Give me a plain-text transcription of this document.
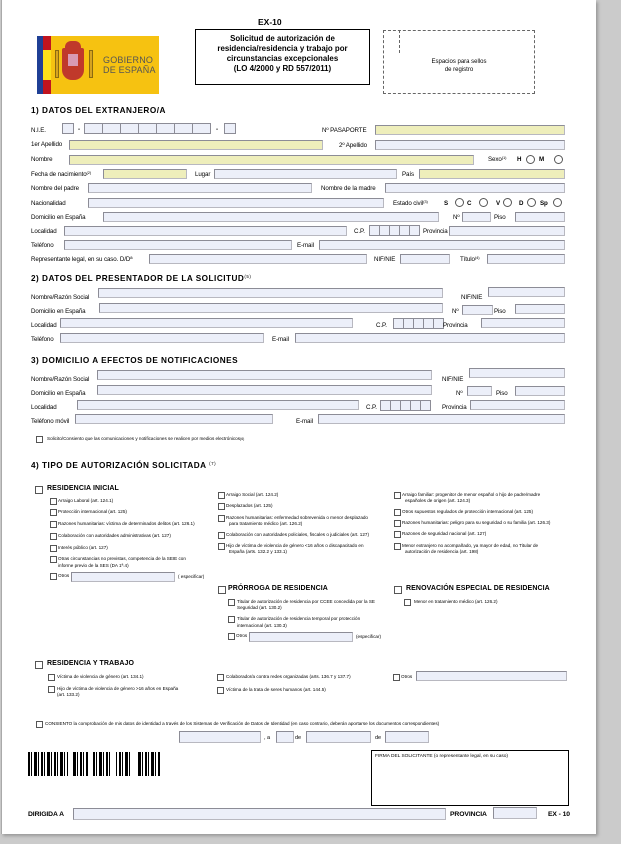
GOBIERNO
DE ESPAÑA
EX-10
Solicitud de autorización de
residencia/residencia y trabajo por
circunstancias excepcionales
(LO 4/2000 y RD 557/2011)
Espacios para sellos
de registro
1) DATOS DEL EXTRANJERO/A
N.I.E.	-	-	Nº PASAPORTE
1er Apellido	2º Apellido
Nombre	Sexo$^{(1)}$ H	M
Fecha de nacimiento$^{(2)}$	Lugar	País
Nombre del padre	Nombre de la madre
Nacionalidad	Estado civil$^{(3)}$	S	C	V	D	Sp
Domicilio en España	Nº	Piso
Localidad	C.P.	Provincia
Teléfono	E-mail
Representante legal, en su caso. D/Dª	NIF/NIE	Título$^{(4)}$
2) DATOS DEL PRESENTADOR DE LA SOLICITUD$^{(5)}$
Nombre/Razón Social	NIF/NIE
Domicilio en España	Nº	Piso
Localidad	C.P.	Provincia
Teléfono	E-mail
3) DOMICILIO A EFECTOS DE NOTIFICACIONES
Nombre/Razón Social	NIF/NIE
Domicilio en España	Nº	Piso
Localidad	C.P.	Provincia
Teléfono móvil	E-mail
Solicito/Consiento que las comunicaciones y notificaciones se realicen por medios electrónicos$^{(6)}$
4) TIPO DE AUTORIZACIÓN SOLICITADA $^{(7)}$
RESIDENCIA INICIAL
Arraigo Laboral (art. 124.1)
Protección internacional (art. 125)
Razones humanitarias: víctima de determinados delitos (art. 126.1)
Colaboración con autoridades administrativas (art. 127)
Interés público (art. 127)
Otras circunstancias no previstas, competencia de la SEIE con
informe previo de la SES (DA 1ª.4)
Otros	( especificar)
Arraigo Social (art. 124.2)
Desplazados (art. 125)
Razones humanitarias: enfermedad sobrevenida o menor desplazado
para tratamiento médico (art. 126.2)
Colaboración con autoridades policiales, fiscales o judiciales (art. 127)
Hijo de víctima de violencia de género <16 años o discapacitado en
España (arts. 132.2 y 133.1)
Arraigo familiar: progenitor de menor español o hijo de padre/madre
españoles de origen (art. 124.3)
Otros supuestos regulados de protección internacional (art. 125)
Razones humanitarias: peligro para su seguridad o su familia (art. 126.3)
Razones de seguridad nacional (art. 127)
Menor extranjero no acompañado, ya mayor de edad, no Titular de
autorización de residencia (art. 198)
PRÓRROGA DE RESIDENCIA
Titular de autorización de residencia por CCEE concedida por la SE
Seguridad (art. 130.2)
Titular de autorización de residencia temporal por protección
internacional (art. 130.3)
Otros	(especificar)
RENOVACIÓN ESPECIAL DE RESIDENCIA
Menor en tratamiento médico (art. 126.2)
RESIDENCIA Y TRABAJO
Víctima de violencia de género (art. 134.1)
Hijo de víctima de violencia de género >16 años en España
(art. 133.2)
Colaborador/a contra redes organizadas (arts. 136.7 y 137.7)
Víctima de la trata de seres humanos (art. 144.5)
Otros
CONSIENTO la comprobación de mis datos de identidad a través de los Sistemas de Verificación de Datos de Identidad (en caso contrario, deberán aportarse los documentos correspondientes)
, a	de	de
FIRMA DEL SOLICITANTE (o representante legal, en su caso)
DIRIGIDA A	PROVINCIA	EX - 10
